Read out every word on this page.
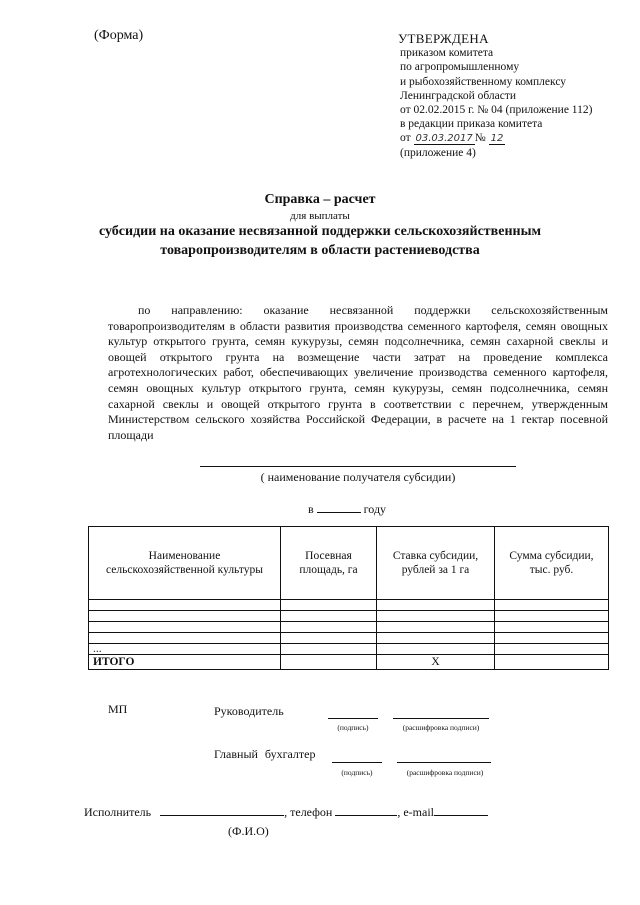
(Форма)	УТВЕРЖДЕНА
приказом комитета
по агропромышленному
и рыбохозяйственному комплексу
Ленинградской области
от 02.02.2015 г. № 04 (приложение 112)
в редакции приказа комитета
от 03.03.2017 № 12
(приложение 4)
Справка – расчет
для выплаты
субсидии на оказание несвязанной поддержки сельскохозяйственным товаропроизводителям в области растениеводства
по направлению: оказание несвязанной поддержки сельскохозяйственным товаропроизводителям в области развития производства семенного картофеля, семян овощных культур открытого грунта, семян кукурузы, семян подсолнечника, семян сахарной свеклы и овощей открытого грунта на возмещение части затрат на проведение комплекса агротехнологических работ, обеспечивающих увеличение производства семенного картофеля, семян овощных культур открытого грунта, семян кукурузы, семян подсолнечника, семян сахарной свеклы и овощей открытого грунта в соответствии с перечнем, утвержденным Министерством сельского хозяйства Российской Федерации, в расчете на 1 гектар посевной площади
( наименование получателя субсидии)
в	году
Наименование сельскохозяйственной культуры	Посевная площадь, га	Ставка субсидии, рублей за 1 га	Сумма субсидии, тыс. руб.

...			
ИТОГО		X	
МП	Руководитель
(подпись)	(расшифровка подписи)
Главный бухгалтер
(подпись)	(расшифровка подписи)
Исполнитель	, телефон	, e-mail
(Ф.И.О)
